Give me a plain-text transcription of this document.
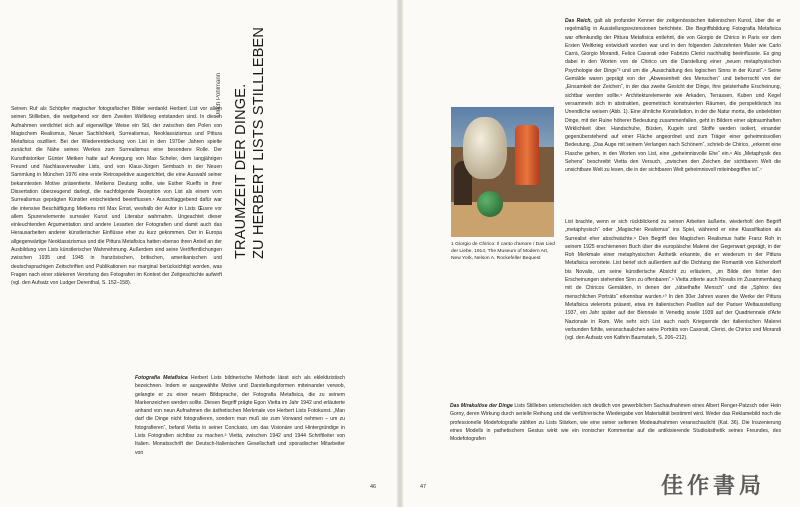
Ulrich Pohlmann TRAUMZEIT DER DINGE. ZU HERBERT LISTS STILLLEBEN

Seinen Ruf als Schöpfer magischer fotografischer Bilder verdankt Herbert List vor allem seinen Stillleben, die weitgehend vor dem Zweiten Weltkrieg entstanden sind. In diesen Aufnahmen verdichtet sich auf eigenwillige Weise ein Stil, der zwischen den Polen von Magischem Realismus, Neuer Sachlichkeit, Surrealismus, Neoklassizismus und Pittura Metafisica oszilliert. Bei der Wiederentdeckung von List in den 1970er Jahren spielte zunächst die Nähe seines Werkes zum Surrealismus eine besondere Rolle. Der Kunsthistoriker Günter Metken hatte auf Anregung von Max Scheler, dem langjährigen Freund und Nachlassverwalter Lists, und von Klaus-Jürgen Sembach in der Neuen Sammlung in München 1976 eine erste Retrospektive ausgerichtet, die eine Auswahl seiner bekanntesten Motive präsentierte. Metkens Deutung sollte, wie Esther Rueffs in ihrer Dissertation überzeugend darlegt, die nachfolgende Rezeption von List als einem vom Surrealismus geprägten Künstler entscheidend beeinflussen.¹ Ausschlaggebend dafür war die intensive Beschäftigung Metkens mit Max Ernst, weshalb der Autor in Lists Œuvre vor allem Spurenelemente surrealer Kunst und Literatur wahrnahm. Ungeachtet dieser einleuchtenden Argumentation sind andere Lesarten der Fotografien und damit auch das Herausarbeiten anderer künstlerischer Einflüsse eher zu kurz gekommen. Der in Europa allgegenwärtige Neoklassizismus und die Pittura Metafisica hatten ebenso ihren Anteil an der Ausbildung von Lists künstlerischer Wahrnehmung. Außerdem sind seine Veröffentlichungen zwischen 1935 und 1945 in französischen, britischen, amerikanischen und deutschsprachigen Zeitschriften und Publikationen nur marginal berücksichtigt worden, was Fragen nach einer stärkeren Verortung des Fotografen im Kontext der Zeitgeschichte aufwirft (vgl. den Aufsatz von Ludger Derenthal, S. 152–158).

Fotografia Metafisica Herbert Lists bildnerische Methode lässt sich als eklektizistisch bezeichnen. Indem er ausgewählte Motive und Darstellungsformen miteinander verwob, gelangte er zu einer neuen Bildsprache, der Fotografia Metafisica, die zu seinem Markenzeichen werden sollte. Diesen Begriff prägte Egon Vietta im Jahr 1942 und erläuterte anhand von neun Aufnahmen die ästhetischen Merkmale von Herbert Lists Fotokunst. „Man darf die Dinge nicht fotografieren, sondern man muß sie zum Vorwand nehmen – um zu fotografieren“, befand Vietta in seiner Conclusio, um das Visionäre und Hintergründige in Lists Fotografien sichtbar zu machen.² Vietta, zwischen 1942 und 1944 Schriftleiter von Italien. Monatsschrift der Deutsch-Italienischen Gesellschaft und sporadischer Mitarbeiter von

46
1 Giorgio de Chirico: Il canto d'amore / Das Lied der Liebe, 1914, The Museum of Modern Art, New York, Nelson A. Rockefeller Bequest

Das Reich, galt als profunder Kenner der zeitgenössischen italienischen Kunst, über die er regelmäßig in Ausstellungsrezensionen berichtete. Die Begriffsbildung Fotografia Metafisica war offenkundig der Pittura Metafisica entlehnt, die von Giorgio de Chirico in Paris vor dem Ersten Weltkrieg entwickelt worden war und in den folgenden Jahrzehnten Maler wie Carlo Carrà, Giorgio Morandi, Felice Casorati oder Fabrizio Clerici nachhaltig beeinflusste. Es ging dabei in den Worten von de Chirico um die Darstellung einer „neuen metaphysischen Psychologie der Dinge“³ und um die „Ausschaltung des logischen Sinns in der Kunst“.⁴ Seine Gemälde waren geprägt von der „Abwesenheit des Menschen“ und beherrscht von der „Einsamkeit der Zeichen“, in der das zweite Gesicht der Dinge, ihre geisterhafte Erscheinung, sichtbar werden sollte.⁵ Architekturelemente wie Arkaden, Terrassen, Kuben und Kegel versammeln sich in abstrakten, geometrisch konstruierten Räumen, die perspektivisch ins Unendliche weisen (Abb. 1). Eine ähnliche Konstellation, in der die Natur morta, die unbelebten Dinge, mit der Ruine höherer Bedeutung zusammenfallen, geht in Bildern einer alptraumhaften Wirklichkeit über. Handschuhe, Büsten, Kugeln und Stoffe werden isoliert, einander gegenüberstehend auf einer Fläche angeordnet und zum Träger einer geheimnisvollen Bedeutung. „Das Auge mit seinem Verlangen nach Schönem“, schrieb de Chirico, „erkennt eine Flasche gehen, in den Worten von List, eine „geheimnisvolle Ehe“ ein.⁶ Als „Metaphysik des Sehens“ beschreibt Vietta den Versuch, „zwischen den Zeichen der sichtbaren Welt die unsichtbare Welt zu lesen, die in der sichtbaren Welt geheimnisvoll miteinbegriffen ist“.⁷

List brachte, wenn er sich rückblickend zu seinen Arbeiten äußerte, wiederholt den Begriff „metaphysisch“ oder „Magischer Realismus“ ins Spiel, während er eine Klassifikation als Surrealist eher abschwächte.⁸ Den Begriff des Magischen Realismus hatte Franz Roh in seinem 1925 erschienenen Buch über die europäische Malerei der Gegenwart geprägt, in der Roh Merkmale einer metaphysischen Ästhetik erkannte, die er wiederum in der Pittura Metafisica verortete. List berief sich außerdem auf die Dichtung der Romantik von Eichendorff bis Novalis, um seine künstlerische Absicht zu erläutern, „im Bilde den hinter den Erscheinungen stehenden Sinn zu offenbaren“.⁹ Vietta zitierte auch Novalis im Zusammenhang mit de Chiricos Gemälden, in denen der „rätselhafte Mensch“ und die „Sphinx des menschlichen Porträts“ erkennbar wurden.¹⁰ In den 30er Jahren waren die Werke der Pittura Metafisica vielerorts präsent, etwa im italienischen Pavillon auf der Pariser Weltausstellung 1937, ein Jahr später auf der Biennale in Venedig sowie 1939 auf der Quadriennale d'Arte Nazionale in Rom. Wie sehr sich List auch nach Kriegsende der italienischen Malerei verbunden fühlte, veranschaulichen seine Porträts von Casorati, Clerici, de Chirico und Morandi (vgl. den Aufsatz von Kathrin Baumstark, S. 206–212).

Das Mirakulöse der Dinge Lists Stillleben unterscheiden sich deutlich von gewerblichen Sachaufnahmen eines Albert Renger-Patzsch oder Hein Gorny, deren Wirkung durch serielle Reihung und die verführerische Wiedergabe von Materialität bestimmt wird. Weder das Reklamebild noch die professionelle Modefotografie zählten zu Lists Stärken, wie eine seiner seltenen Modeaufnahmen veranschaulicht (Kat. 36). Die Inszenierung eines Modells in pathetischem Gestus wirkt wie ein ironischer Kommentar auf die antikisierende Studioästhetik seines Freundes, des Modefotografen

47	佳作書局
